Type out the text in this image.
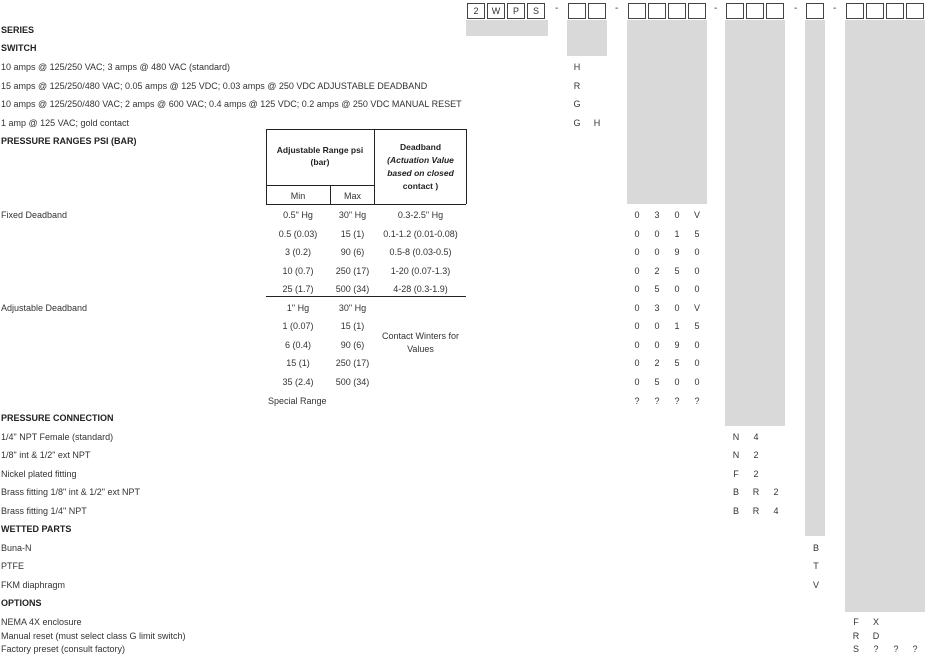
2	W	P	S	-	-	-	-	-
SERIES
SWITCH
PRESSURE RANGES PSI (BAR)
PRESSURE CONNECTION
WETTED PARTS
OPTIONS
10 amps @ 125/250 VAC; 3 amps @ 480 VAC (standard)	H
15 amps @ 125/250/480 VAC; 0.05 amps @ 125 VDC; 0.03 amps @ 250 VDC ADJUSTABLE DEADBAND	R
10 amps @ 125/250/480 VAC; 2 amps @ 600 VAC; 0.4 amps @ 125 VDC; 0.2 amps @ 250 VDC MANUAL RESET	G
1 amp @ 125 VAC; gold contact	G	H
Adjustable Range psi (bar)
Min	Max
Deadband
(Actuation Value
based on closed
contact )
Fixed Deadband
Adjustable Deadband
0.5" Hg	30" Hg	0.3-2.5" Hg	0	3	0	V
0.5 (0.03)	15 (1)	0.1-1.2 (0.01-0.08)	0	0	1	5
3 (0.2)	90 (6)	0.5-8 (0.03-0.5)	0	0	9	0
10 (0.7)	250 (17)	1-20 (0.07-1.3)	0	2	5	0
25 (1.7)	500 (34)	4-28 (0.3-1.9)	0	5	0	0
1" Hg	30" Hg	0	3	0	V
1 (0.07)	15 (1)	0	0	1	5
6 (0.4)	90 (6)	0	0	9	0
15 (1)	250 (17)	0	2	5	0
35 (2.4)	500 (34)	0	5	0	0
Contact Winters for
Values
Special Range	?	?	?	?
1/4" NPT Female (standard)	N	4
1/8" int & 1/2" ext NPT	N	2
Nickel plated fitting	F	2
Brass fitting 1/8" int & 1/2" ext NPT	B	R	2
Brass fitting 1/4" NPT	B	R	4
Buna-N	B
PTFE	T
FKM diaphragm	V
NEMA 4X enclosure	F	X
Manual reset (must select class G limit switch)	R	D
Factory preset (consult factory)	S	?	?	?
